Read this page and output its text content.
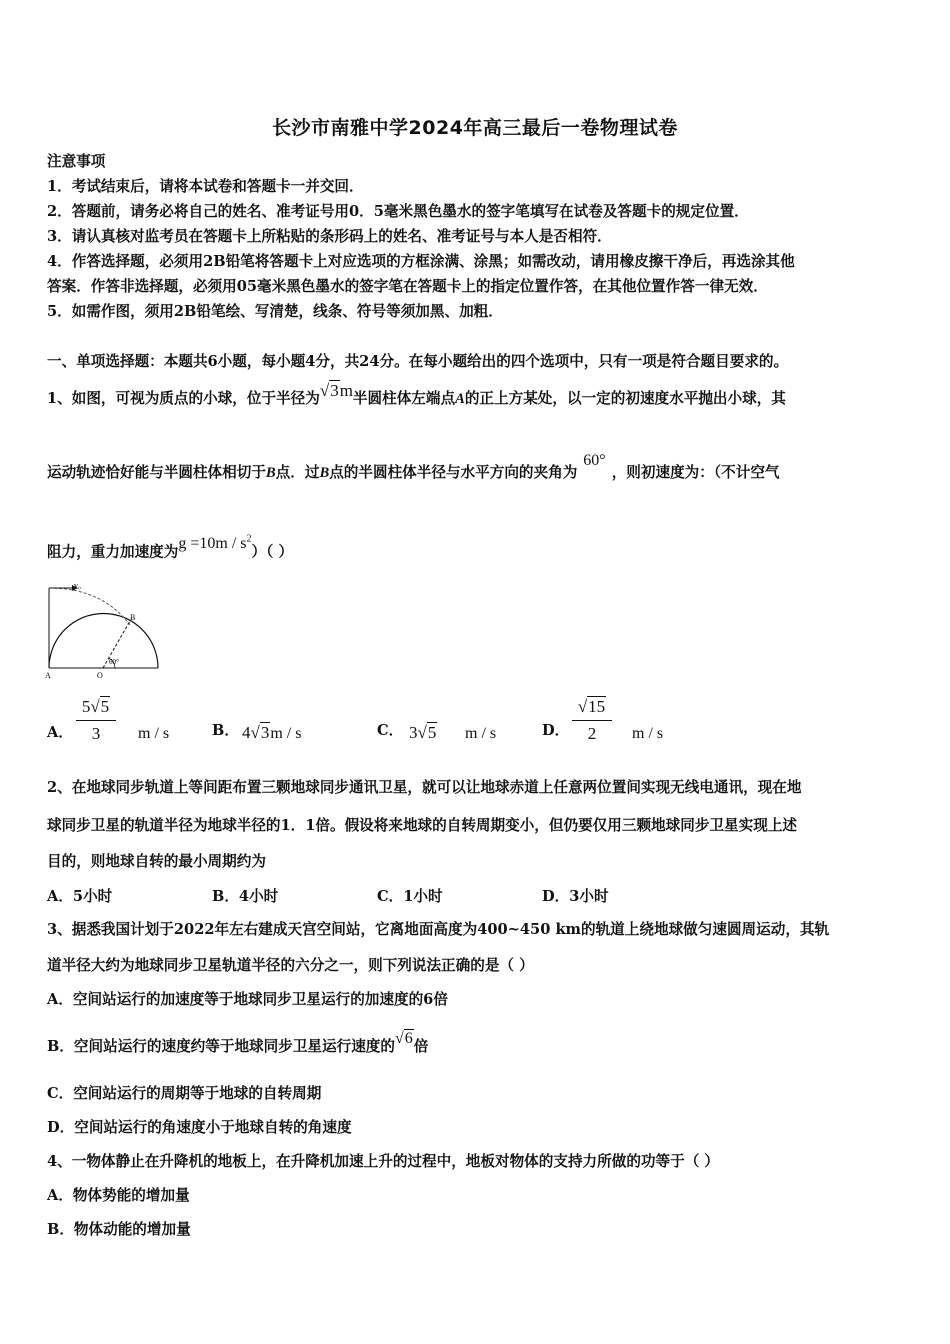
长沙市南雅中学2024年高三最后一卷物理试卷
注意事项
1．考试结束后，请将本试卷和答题卡一并交回．
2．答题前，请务必将自己的姓名、准考证号用0．5毫米黑色墨水的签字笔填写在试卷及答题卡的规定位置．
3．请认真核对监考员在答题卡上所粘贴的条形码上的姓名、准考证号与本人是否相符．
4．作答选择题，必须用2B铅笔将答题卡上对应选项的方框涂满、涂黑；如需改动，请用橡皮擦干净后，再选涂其他
答案．作答非选择题，必须用05毫米黑色墨水的签字笔在答题卡上的指定位置作答，在其他位置作答一律无效．
5．如需作图，须用2B铅笔绘、写清楚，线条、符号等须加黑、加粗．
一、单项选择题：本题共6小题，每小题4分，共24分。在每小题给出的四个选项中，只有一项是符合题目要求的。
1、如图，可视为质点的小球，位于半径为√3m半圆柱体左端点A的正上方某处，以一定的初速度水平抛出小球，其
运动轨迹恰好能与半圆柱体相切于B点．过B点的半圆柱体半径与水平方向的夹角为60°，则初速度为：（不计空气
阻力，重力加速度为$g =10m / s^2$）（ ）
v₀
B
A	O
60°
A．
5√5
3	m / s	B． 4√3m / s	C． 3√5 m / s	D．
√15
2	m / s
2、在地球同步轨道上等间距布置三颗地球同步通讯卫星，就可以让地球赤道上任意两位置间实现无线电通讯，现在地
球同步卫星的轨道半径为地球半径的1．1倍。假设将来地球的自转周期变小，但仍要仅用三颗地球同步卫星实现上述
目的，则地球自转的最小周期约为
A．5小时	B．4小时	C．1小时	D．3小时
3、据悉我国计划于2022年左右建成天宫空间站，它离地面高度为400~450 km的轨道上绕地球做匀速圆周运动，其轨
道半径大约为地球同步卫星轨道半径的六分之一，则下列说法正确的是（ ）
A．空间站运行的加速度等于地球同步卫星运行的加速度的6倍
B．空间站运行的速度约等于地球同步卫星运行速度的√6倍
C．空间站运行的周期等于地球的自转周期
D．空间站运行的角速度小于地球自转的角速度
4、一物体静止在升降机的地板上，在升降机加速上升的过程中，地板对物体的支持力所做的功等于（ ）
A．物体势能的增加量
B．物体动能的增加量
